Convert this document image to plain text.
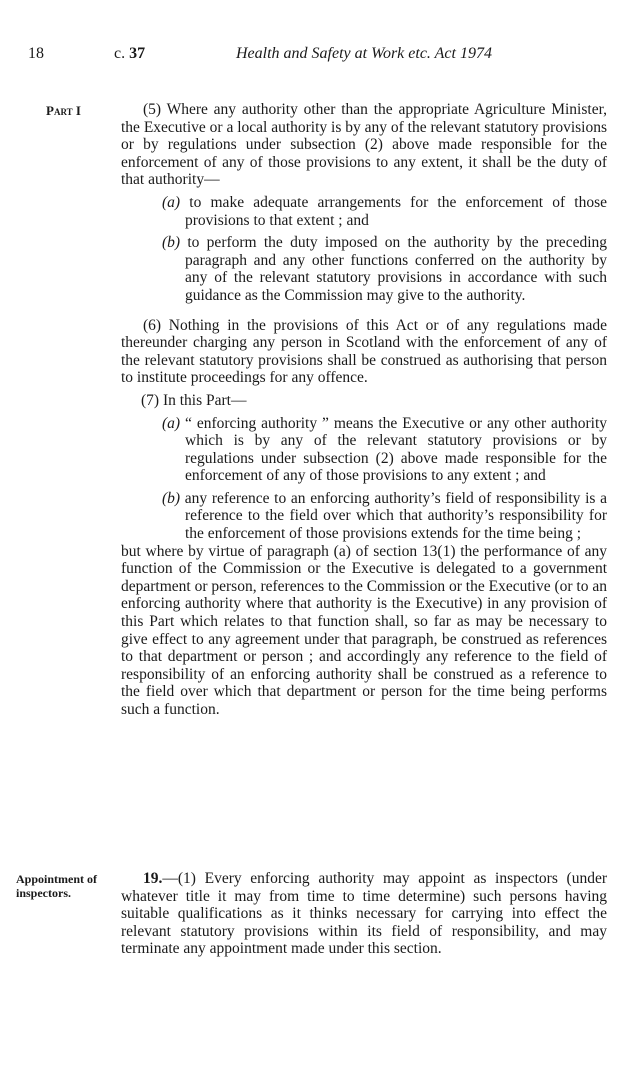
18	c. 37	Health and Safety at Work etc. Act 1974
Part I	(5) Where any authority other than the appropriate Agriculture Minister, the Executive or a local authority is by any of the relevant statutory provisions or by regulations under subsection (2) above made responsible for the enforcement of any of those provisions to any extent, it shall be the duty of that authority—

(a) to make adequate arrangements for the enforcement of those provisions to that extent ; and

(b) to perform the duty imposed on the authority by the preceding paragraph and any other functions conferred on the authority by any of the relevant statutory provisions in accordance with such guidance as the Commission may give to the authority.

(6) Nothing in the provisions of this Act or of any regulations made thereunder charging any person in Scotland with the enforcement of any of the relevant statutory provisions shall be construed as authorising that person to institute proceedings for any offence.

(7) In this Part—

(a) “ enforcing authority ” means the Executive or any other authority which is by any of the relevant statutory provisions or by regulations under subsection (2) above made responsible for the enforcement of any of those provisions to any extent ; and

(b) any reference to an enforcing authority’s field of responsibility is a reference to the field over which that authority’s responsibility for the enforcement of those provisions extends for the time being ;

but where by virtue of paragraph (a) of section 13(1) the performance of any function of the Commission or the Executive is delegated to a government department or person, references to the Commission or the Executive (or to an enforcing authority where that authority is the Executive) in any provision of this Part which relates to that function shall, so far as may be necessary to give effect to any agreement under that paragraph, be construed as references to that department or person ; and accordingly any reference to the field of responsibility of an enforcing authority shall be construed as a reference to the field over which that department or person for the time being performs such a function.

Appointment of inspectors.

19.—(1) Every enforcing authority may appoint as inspectors (under whatever title it may from time to time determine) such persons having suitable qualifications as it thinks necessary for carrying into effect the relevant statutory provisions within its field of responsibility, and may terminate any appointment made under this section.
